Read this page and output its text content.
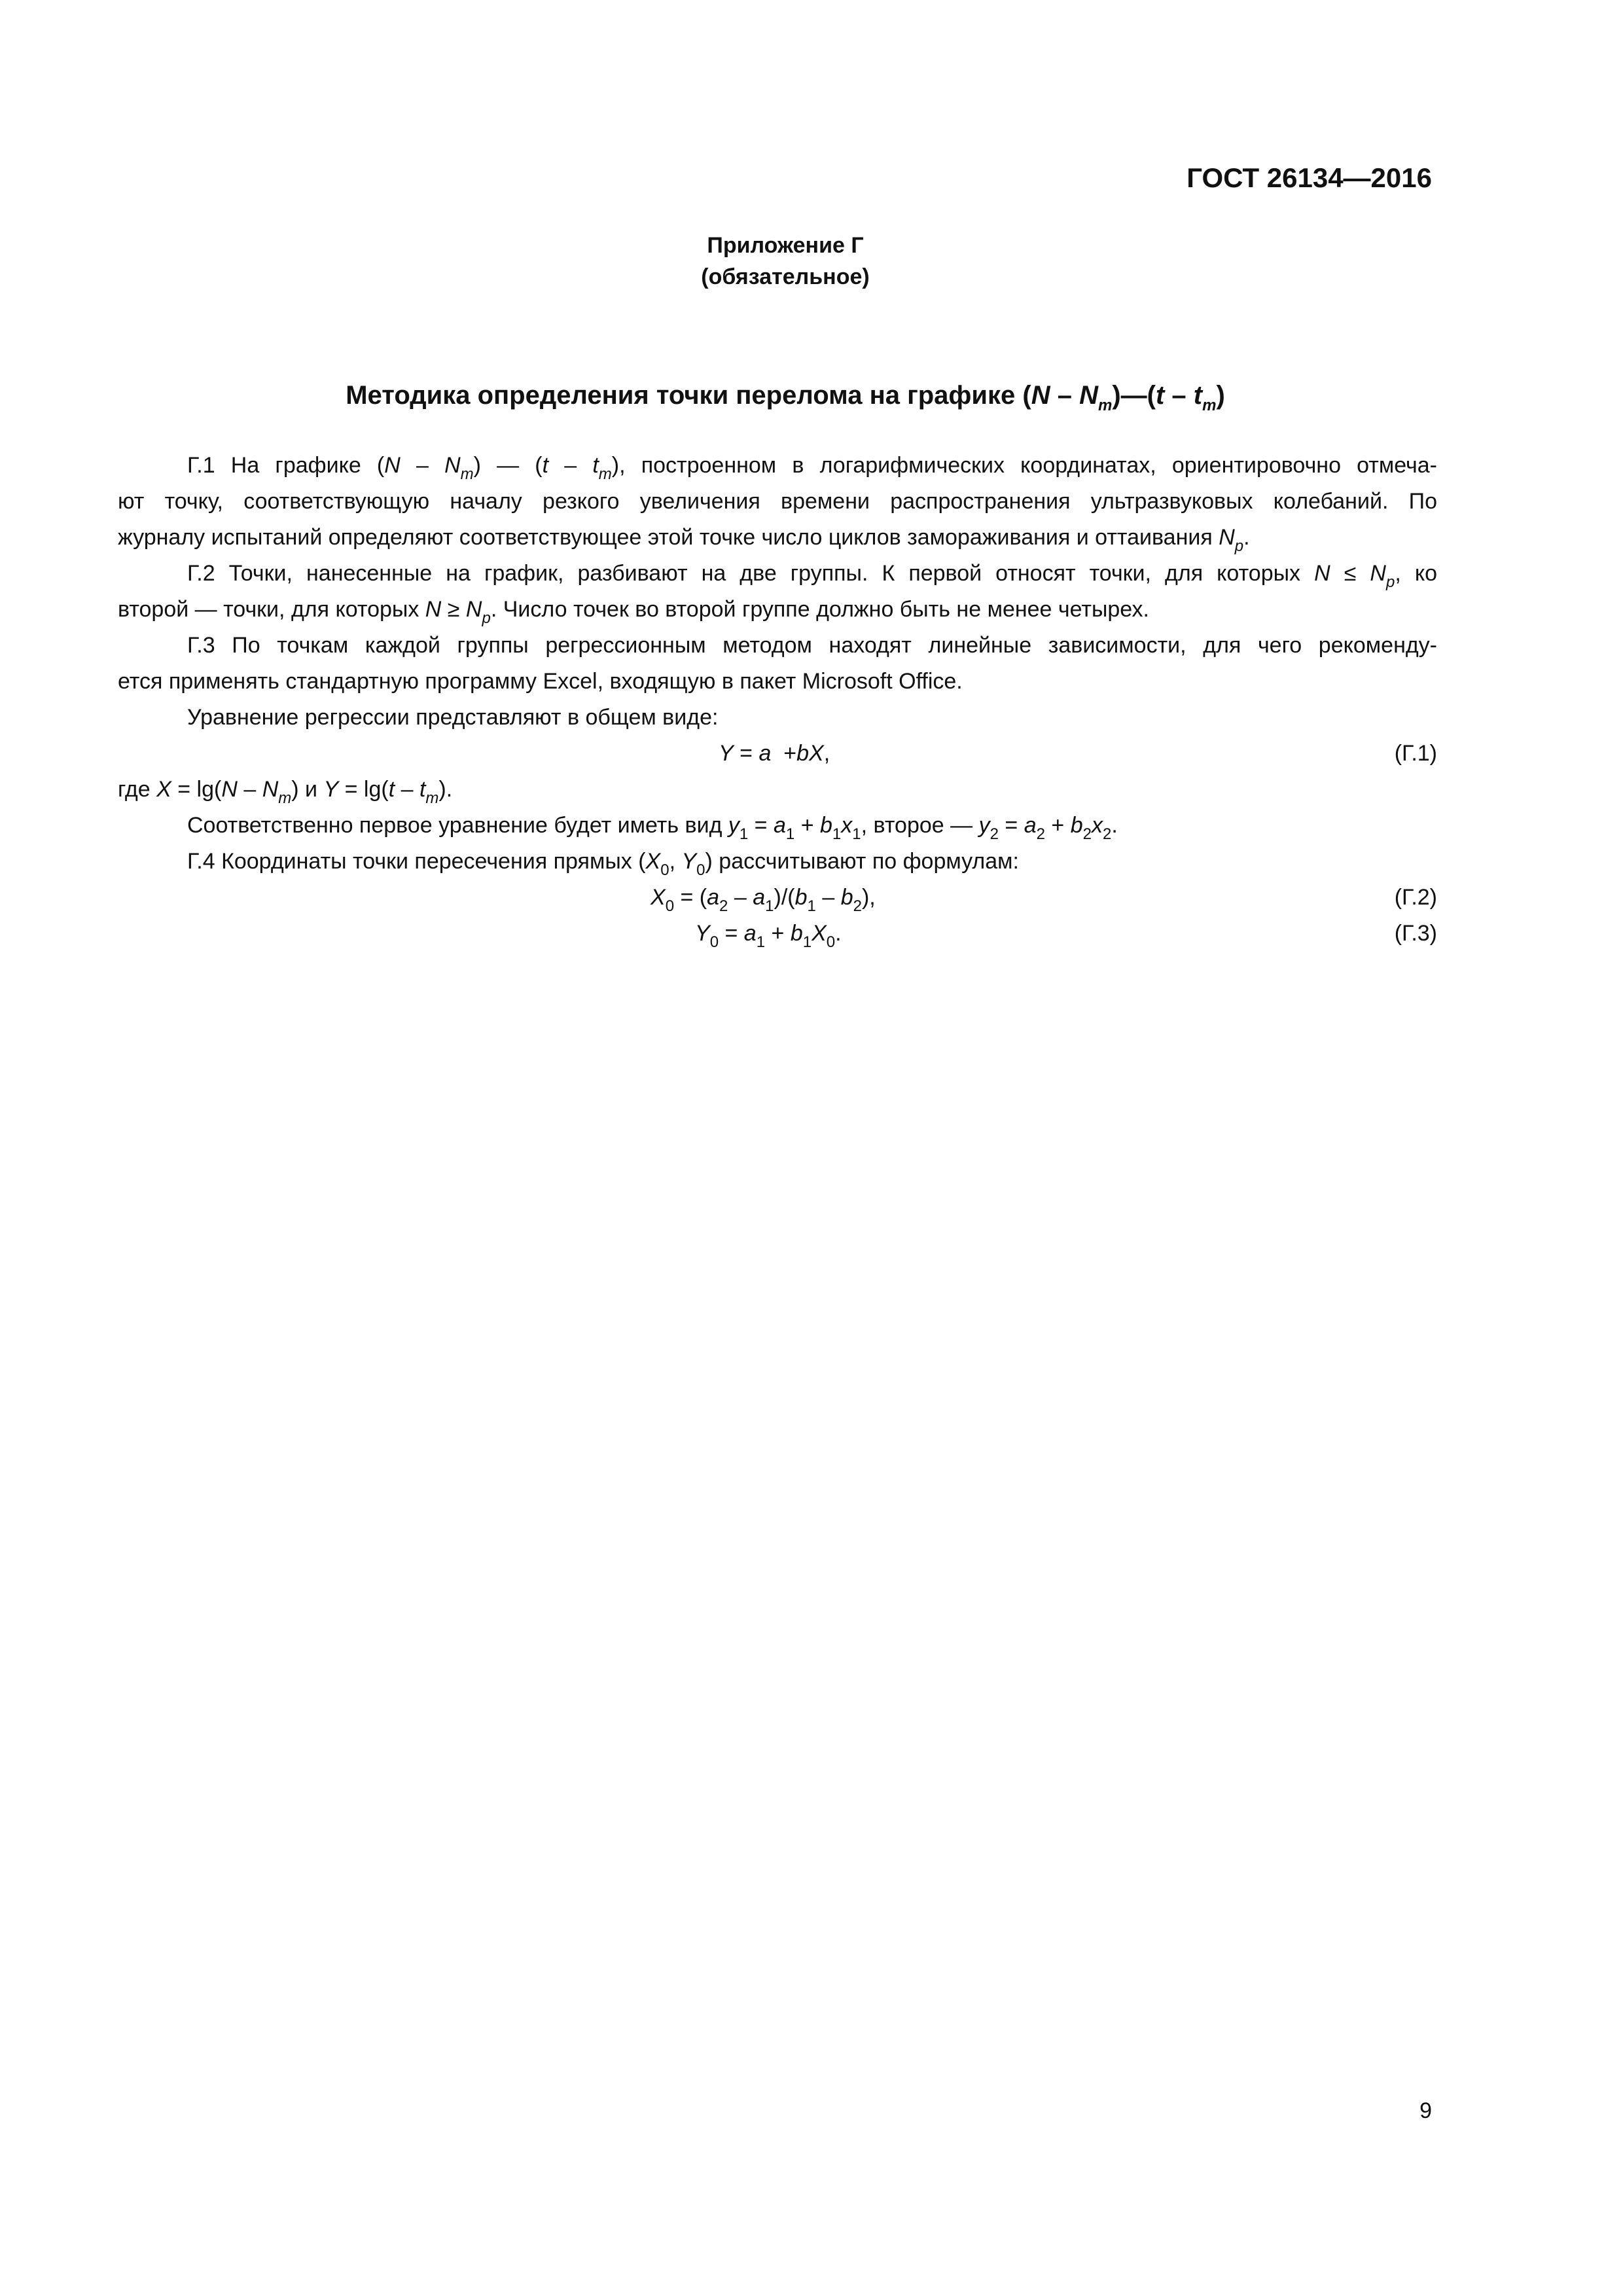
ГОСТ 26134—2016
Приложение Г
(обязательное)
Методика определения точки перелома на графике $(N - N_m)—(t - t_m)$
Г.1 На графике $(N - N_m)$ — $(t - t_m)$, построенном в логарифмических координатах, ориентировочно отмеча-
ют точку, соответствующую началу резкого увеличения времени распространения ультразвуковых колебаний. По
журналу испытаний определяют соответствующее этой точке число циклов замораживания и оттаивания $N_p$.
Г.2 Точки, нанесенные на график, разбивают на две группы. К первой относят точки, для которых $N \le N_p$, ко
второй — точки, для которых $N \ge N_p$. Число точек во второй группе должно быть не менее четырех.
Г.3 По точкам каждой группы регрессионным методом находят линейные зависимости, для чего рекоменду-
ется применять стандартную программу Excel, входящую в пакет Microsoft Office.
Уравнение регрессии представляют в общем виде:
Y = a  +bX,	(Г.1)
где $X = \lg(N - N_m)$ и $Y = \lg(t - t_m)$.
Соответственно первое уравнение будет иметь вид $y_1 = a_1 + b_1x_1$, второе — $y_2 = a_2 + b_2x_2$.
Г.4 Координаты точки пересечения прямых ($X_0$, $Y_0$) рассчитывают по формулам:
$X_0 = (a_2 - a_1)/(b_1 - b_2)$,	(Г.2)
$Y_0 = a_1 + b_1X_0$.	(Г.3)
9
